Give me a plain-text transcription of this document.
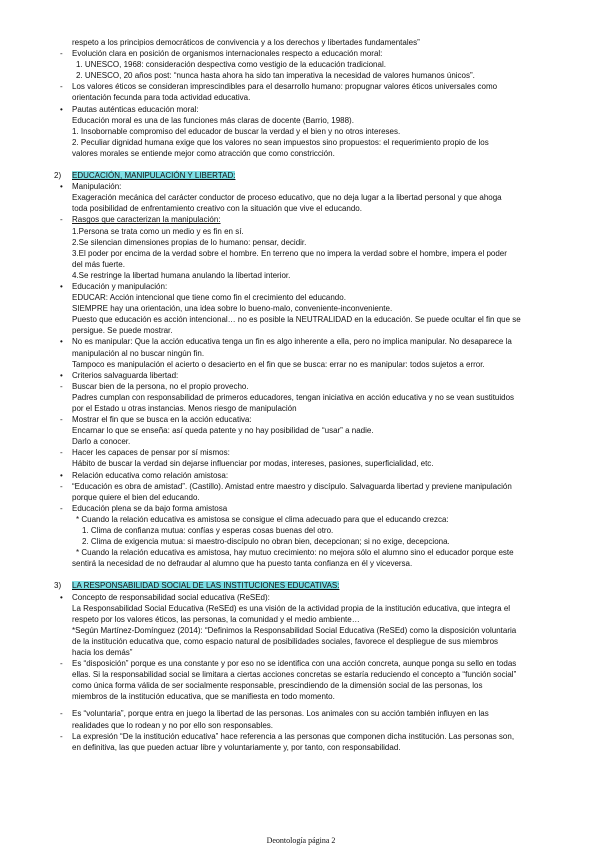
respeto a los principios democráticos de convivencia y a los derechos y libertades fundamentales”
- Evolución clara en posición de organismos internacionales respecto a educación moral:
1. UNESCO, 1968: consideración despectiva como vestigio de la educación tradicional.
2. UNESCO, 20 años post: “nunca hasta ahora ha sido tan imperativa la necesidad de valores humanos únicos”.
- Los valores éticos se consideran imprescindibles para el desarrollo humano: propugnar valores éticos universales como
orientación fecunda para toda actividad educativa.
• Pautas auténticas educación moral:
Educación moral es una de las funciones más claras de docente (Barrio, 1988).
1. Insobornable compromiso del educador de buscar la verdad y el bien y no otros intereses.
2. Peculiar dignidad humana exige que los valores no sean impuestos sino propuestos: el requerimiento propio de los
valores morales se entiende mejor como atracción que como constricción.
2) EDUCACIÓN, MANIPULACIÓN Y LIBERTAD:
• Manipulación:
Exageración mecánica del carácter conductor de proceso educativo, que no deja lugar a la libertad personal y que ahoga
toda posibilidad de enfrentamiento creativo con la situación que vive el educando.
- Rasgos que caracterizan la manipulación:
1.Persona se trata como un medio y es fin en sí.
2.Se silencian dimensiones propias de lo humano: pensar, decidir.
3.El poder por encima de la verdad sobre el hombre. En terreno que no impera la verdad sobre el hombre, impera el poder
del más fuerte.
4.Se restringe la libertad humana anulando la libertad interior.
• Educación y manipulación:
EDUCAR: Acción intencional que tiene como fin el crecimiento del educando.
SIEMPRE hay una orientación, una idea sobre lo bueno-malo, conveniente-inconveniente.
Puesto que educación es acción intencional… no es posible la NEUTRALIDAD en la educación. Se puede ocultar el fin que se
persigue. Se puede mostrar.
• No es manipular: Que la acción educativa tenga un fin es algo inherente a ella, pero no implica manipular. No desaparece la
manipulación al no buscar ningún fin.
Tampoco es manipulación el acierto o desacierto en el fin que se busca: errar no es manipular: todos sujetos a error.
• Criterios salvaguarda libertad:
- Buscar bien de la persona, no el propio provecho.
Padres cumplan con responsabilidad de primeros educadores, tengan iniciativa en acción educativa y no se vean sustituidos
por el Estado u otras instancias. Menos riesgo de manipulación
- Mostrar el fin que se busca en la acción educativa:
Encarnar lo que se enseña: así queda patente y no hay posibilidad de “usar” a nadie.
Darlo a conocer.
- Hacer les capaces de pensar por sí mismos:
Hábito de buscar la verdad sin dejarse influenciar por modas, intereses, pasiones, superficialidad, etc.
• Relación educativa como relación amistosa:
- “Educación es obra de amistad”. (Castillo). Amistad entre maestro y discípulo. Salvaguarda libertad y previene manipulación
porque quiere el bien del educando.
- Educación plena se da bajo forma amistosa
* Cuando la relación educativa es amistosa se consigue el clima adecuado para que el educando crezca:
1. Clima de confianza mutua: confías y esperas cosas buenas del otro.
2. Clima de exigencia mutua: si maestro-discípulo no obran bien, decepcionan; si no exige, decepciona.
* Cuando la relación educativa es amistosa, hay mutuo crecimiento: no mejora sólo el alumno sino el educador porque este
sentirá la necesidad de no defraudar al alumno que ha puesto tanta confianza en él y viceversa.
3) LA RESPONSABILIDAD SOCIAL DE LAS INSTITUCIONES EDUCATIVAS:
• Concepto de responsabilidad social educativa (ReSEd):
La Responsabilidad Social Educativa (ReSEd) es una visión de la actividad propia de la institución educativa, que integra el
respeto por los valores éticos, las personas, la comunidad y el medio ambiente…
*Según Martínez-Domínguez (2014): “Definimos la Responsabilidad Social Educativa (ReSEd) como la disposición voluntaria
de la institución educativa que, como espacio natural de posibilidades sociales, favorece el despliegue de sus miembros
hacia los demás”
- Es “disposición” porque es una constante y por eso no se identifica con una acción concreta, aunque ponga su sello en todas
ellas. Si la responsabilidad social se limitara a ciertas acciones concretas se estaría reduciendo el concepto a “función social”
como única forma válida de ser socialmente responsable, prescindiendo de la dimensión social de las personas, los
miembros de la institución educativa, que se manifiesta en todo momento.
- Es “voluntaria”, porque entra en juego la libertad de las personas. Los animales con su acción también influyen en las
realidades que lo rodean y no por ello son responsables.
- La expresión “De la institución educativa” hace referencia a las personas que componen dicha institución. Las personas son,
en definitiva, las que pueden actuar libre y voluntariamente y, por tanto, con responsabilidad.
Deontología página 2
